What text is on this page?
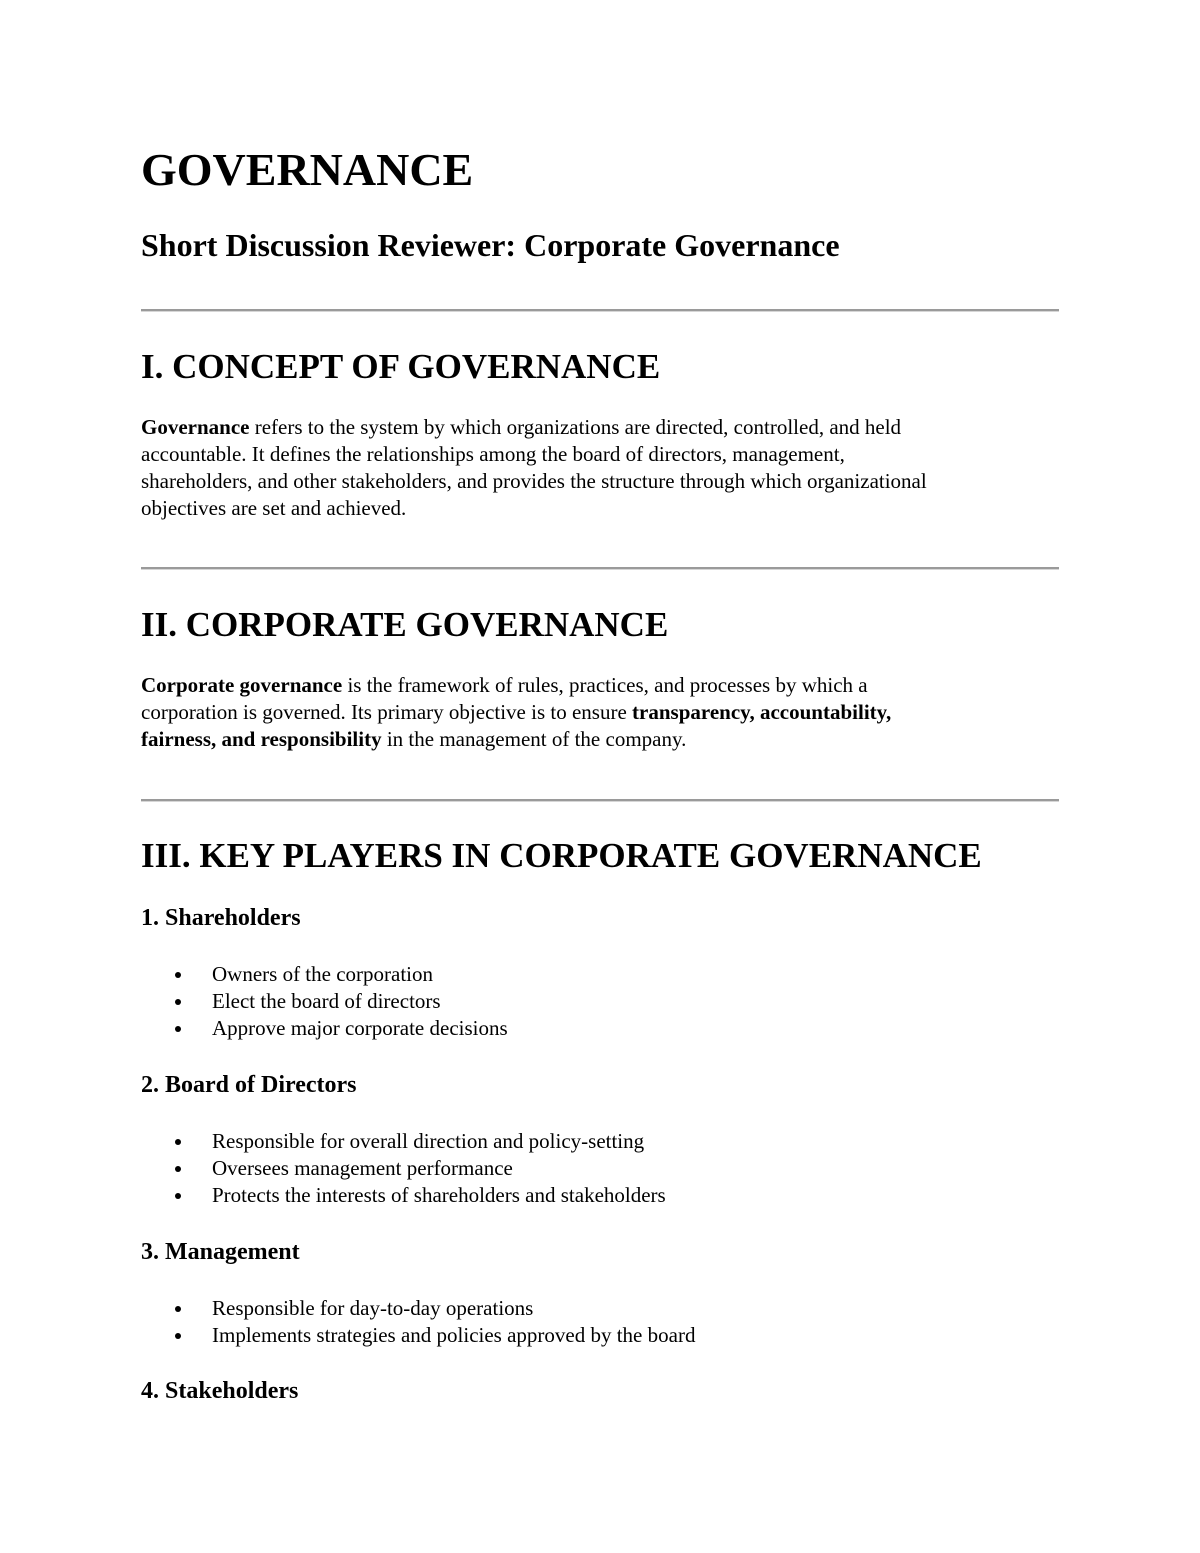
GOVERNANCE
Short Discussion Reviewer: Corporate Governance
I. CONCEPT OF GOVERNANCE

Governance refers to the system by which organizations are directed, controlled, and held
accountable. It defines the relationships among the board of directors, management,
shareholders, and other stakeholders, and provides the structure through which organizational
objectives are set and achieved.

II. CORPORATE GOVERNANCE

Corporate governance is the framework of rules, practices, and processes by which a
corporation is governed. Its primary objective is to ensure transparency, accountability,
fairness, and responsibility in the management of the company.

III. KEY PLAYERS IN CORPORATE GOVERNANCE
1. Shareholders
Owners of the corporation
Elect the board of directors
Approve major corporate decisions
2. Board of Directors
Responsible for overall direction and policy-setting
Oversees management performance
Protects the interests of shareholders and stakeholders
3. Management
Responsible for day-to-day operations
Implements strategies and policies approved by the board
4. Stakeholders
